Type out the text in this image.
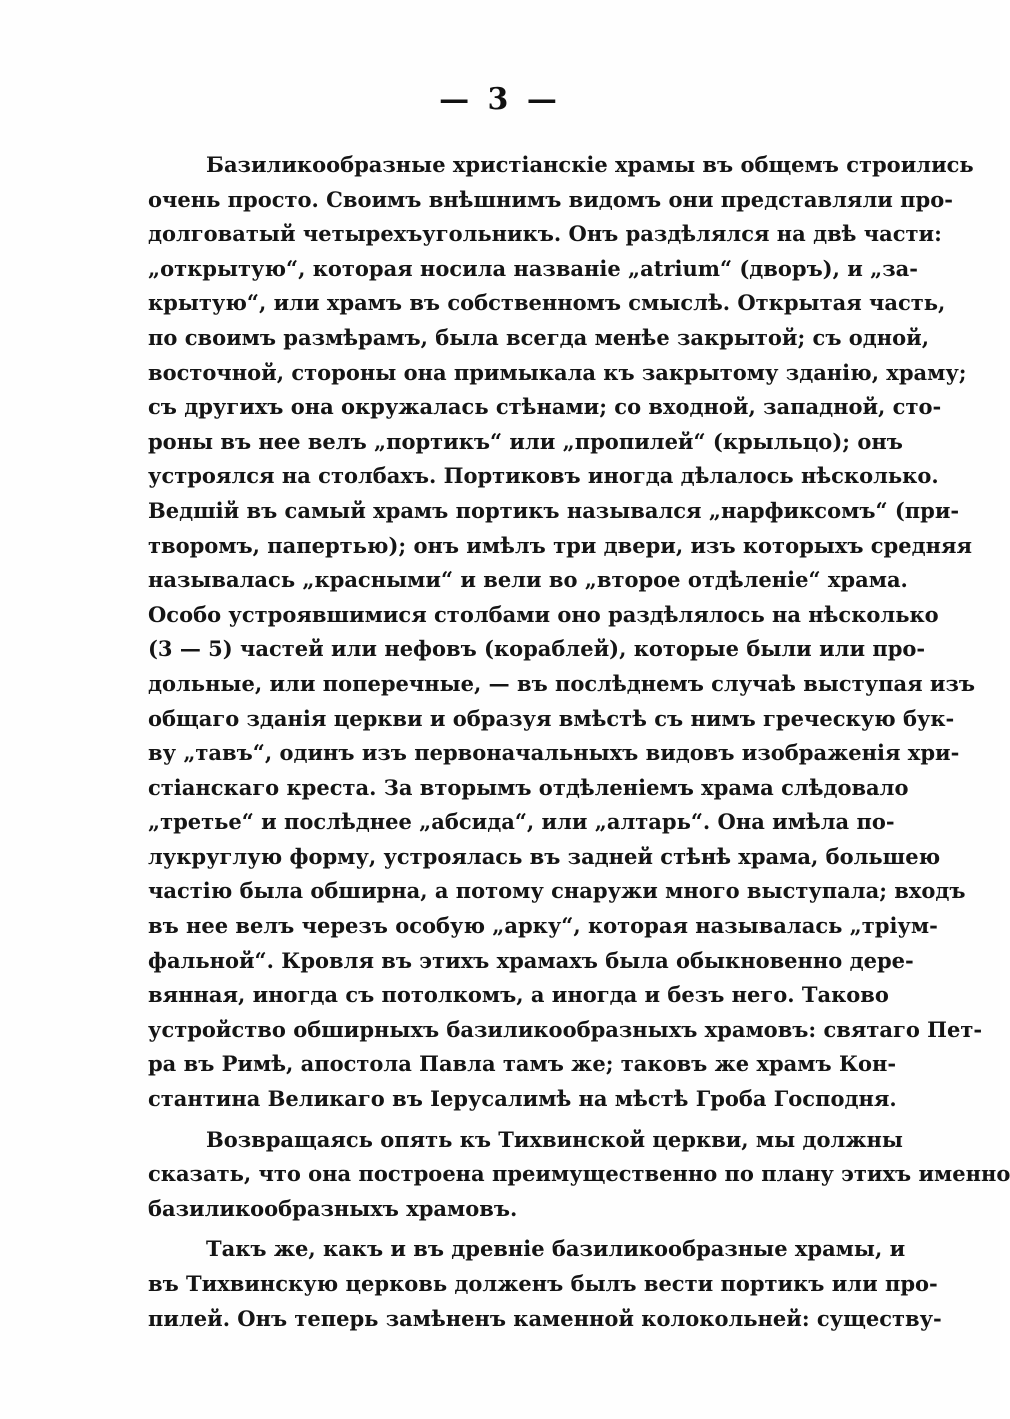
— 3 —
Базиликообразные христіанскіе храмы въ общемъ строились
очень просто. Своимъ внѣшнимъ видомъ они представляли про-
долговатый четырехъугольникъ. Онъ раздѣлялся на двѣ части:
„открытую“, которая носила названіе „atrium“ (дворъ), и „за-
крытую“, или храмъ въ собственномъ смыслѣ. Открытая часть,
по своимъ размѣрамъ, была всегда менѣе закрытой; съ одной,
восточной, стороны она примыкала къ закрытому зданію, храму;
съ другихъ она окружалась стѣнами; со входной, западной, сто-
роны въ нее велъ „портикъ“ или „пропилей“ (крыльцо); онъ
устроялся на столбахъ. Портиковъ иногда дѣлалось нѣсколько.
Ведшій въ самый храмъ портикъ назывался „нарфиксомъ“ (при-
творомъ, папертью); онъ имѣлъ три двери, изъ которыхъ средняя
называлась „красными“ и вели во „второе отдѣленіе“ храма.
Особо устроявшимися столбами оно раздѣлялось на нѣсколько
(3 — 5) частей или нефовъ (кораблей), которые были или про-
дольные, или поперечные, — въ послѣднемъ случаѣ выступая изъ
общаго зданія церкви и образуя вмѣстѣ съ нимъ греческую бук-
ву „тавъ“, одинъ изъ первоначальныхъ видовъ изображенія хри-
стіанскаго креста. За вторымъ отдѣленіемъ храма слѣдовало
„третье“ и послѣднее „абсида“, или „алтарь“. Она имѣла по-
лукруглую форму, устроялась въ задней стѣнѣ храма, большею
частію была обширна, а потому снаружи много выступала; входъ
въ нее велъ черезъ особую „арку“, которая называлась „тріум-
фальной“. Кровля въ этихъ храмахъ была обыкновенно дере-
вянная, иногда съ потолкомъ, а иногда и безъ него. Таково
устройство обширныхъ базиликообразныхъ храмовъ: святаго Пет-
ра въ Римѣ, апостола Павла тамъ же; таковъ же храмъ Кон-
стантина Великаго въ Іерусалимѣ на мѣстѣ Гроба Господня.
Возвращаясь опять къ Тихвинской церкви, мы должны
сказать, что она построена преимущественно по плану этихъ именно
базиликообразныхъ храмовъ.
Такъ же, какъ и въ древніе базиликообразные храмы, и
въ Тихвинскую церковь долженъ былъ вести портикъ или про-
пилей. Онъ теперь замѣненъ каменной колокольней: существу-
